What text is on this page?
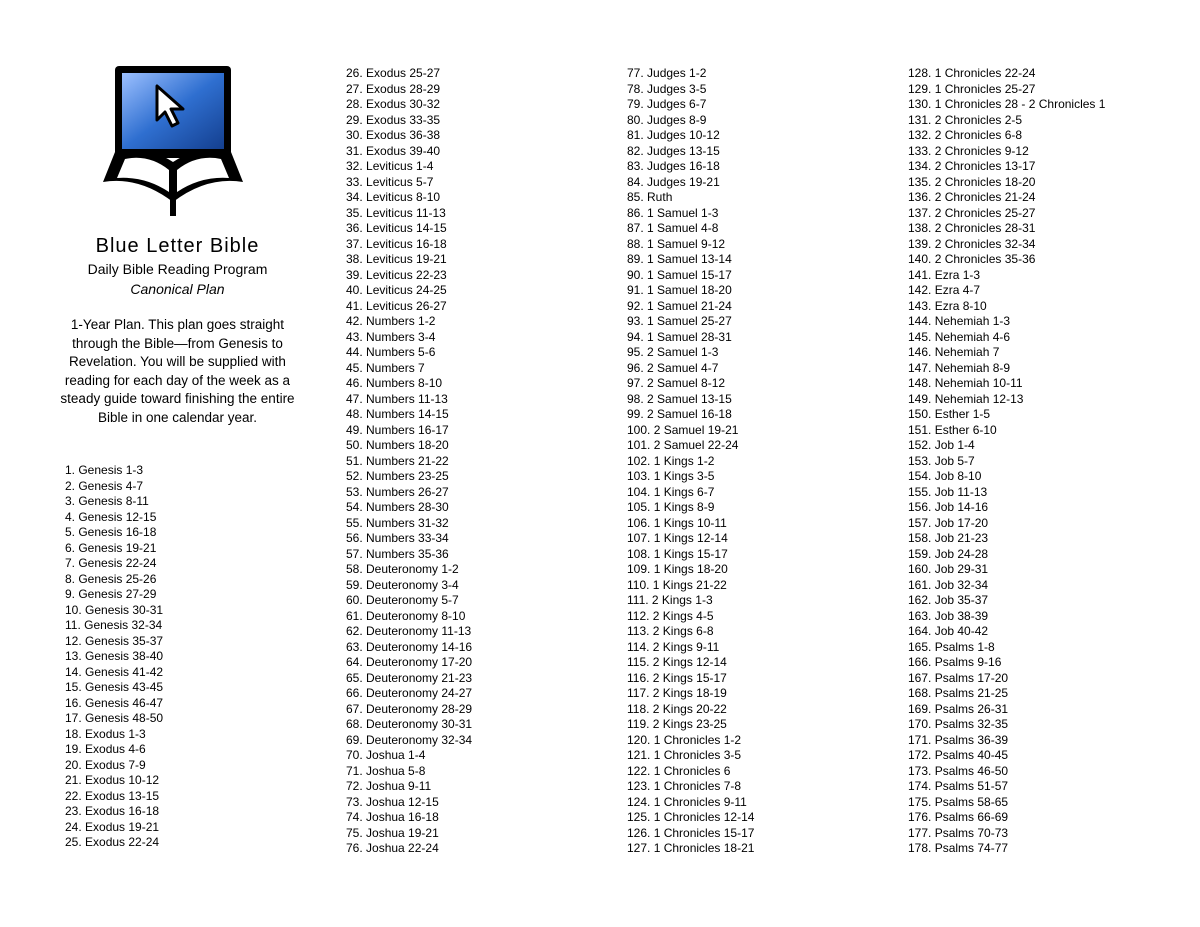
Blue Letter Bible
Daily Bible Reading Program
Canonical Plan
1-Year Plan. This plan goes straight through the Bible—from Genesis to Revelation. You will be supplied with reading for each day of the week as a steady guide toward finishing the entire Bible in one calendar year.
1. Genesis 1-3
2. Genesis 4-7
3. Genesis 8-11
4. Genesis 12-15
5. Genesis 16-18
6. Genesis 19-21
7. Genesis 22-24
8. Genesis 25-26
9. Genesis 27-29
10. Genesis 30-31
11. Genesis 32-34
12. Genesis 35-37
13. Genesis 38-40
14. Genesis 41-42
15. Genesis 43-45
16. Genesis 46-47
17. Genesis 48-50
18. Exodus 1-3
19. Exodus 4-6
20. Exodus 7-9
21. Exodus 10-12
22. Exodus 13-15
23. Exodus 16-18
24. Exodus 19-21
25. Exodus 22-24
26. Exodus 25-27
27. Exodus 28-29
28. Exodus 30-32
29. Exodus 33-35
30. Exodus 36-38
31. Exodus 39-40
32. Leviticus 1-4
33. Leviticus 5-7
34. Leviticus 8-10
35. Leviticus 11-13
36. Leviticus 14-15
37. Leviticus 16-18
38. Leviticus 19-21
39. Leviticus 22-23
40. Leviticus 24-25
41. Leviticus 26-27
42. Numbers 1-2
43. Numbers 3-4
44. Numbers 5-6
45. Numbers 7
46. Numbers 8-10
47. Numbers 11-13
48. Numbers 14-15
49. Numbers 16-17
50. Numbers 18-20
51. Numbers 21-22
52. Numbers 23-25
53. Numbers 26-27
54. Numbers 28-30
55. Numbers 31-32
56. Numbers 33-34
57. Numbers 35-36
58. Deuteronomy 1-2
59. Deuteronomy 3-4
60. Deuteronomy 5-7
61. Deuteronomy 8-10
62. Deuteronomy 11-13
63. Deuteronomy 14-16
64. Deuteronomy 17-20
65. Deuteronomy 21-23
66. Deuteronomy 24-27
67. Deuteronomy 28-29
68. Deuteronomy 30-31
69. Deuteronomy 32-34
70. Joshua 1-4
71. Joshua 5-8
72. Joshua 9-11
73. Joshua 12-15
74. Joshua 16-18
75. Joshua 19-21
76. Joshua 22-24
77. Judges 1-2
78. Judges 3-5
79. Judges 6-7
80. Judges 8-9
81. Judges 10-12
82. Judges 13-15
83. Judges 16-18
84. Judges 19-21
85. Ruth
86. 1 Samuel 1-3
87. 1 Samuel 4-8
88. 1 Samuel 9-12
89. 1 Samuel 13-14
90. 1 Samuel 15-17
91. 1 Samuel 18-20
92. 1 Samuel 21-24
93. 1 Samuel 25-27
94. 1 Samuel 28-31
95. 2 Samuel 1-3
96. 2 Samuel 4-7
97. 2 Samuel 8-12
98. 2 Samuel 13-15
99. 2 Samuel 16-18
100. 2 Samuel 19-21
101. 2 Samuel 22-24
102. 1 Kings 1-2
103. 1 Kings 3-5
104. 1 Kings 6-7
105. 1 Kings 8-9
106. 1 Kings 10-11
107. 1 Kings 12-14
108. 1 Kings 15-17
109. 1 Kings 18-20
110. 1 Kings 21-22
111. 2 Kings 1-3
112. 2 Kings 4-5
113. 2 Kings 6-8
114. 2 Kings 9-11
115. 2 Kings 12-14
116. 2 Kings 15-17
117. 2 Kings 18-19
118. 2 Kings 20-22
119. 2 Kings 23-25
120. 1 Chronicles 1-2
121. 1 Chronicles 3-5
122. 1 Chronicles 6
123. 1 Chronicles 7-8
124. 1 Chronicles 9-11
125. 1 Chronicles 12-14
126. 1 Chronicles 15-17
127. 1 Chronicles 18-21
128. 1 Chronicles 22-24
129. 1 Chronicles 25-27
130. 1 Chronicles 28 - 2 Chronicles 1
131. 2 Chronicles 2-5
132. 2 Chronicles 6-8
133. 2 Chronicles 9-12
134. 2 Chronicles 13-17
135. 2 Chronicles 18-20
136. 2 Chronicles 21-24
137. 2 Chronicles 25-27
138. 2 Chronicles 28-31
139. 2 Chronicles 32-34
140. 2 Chronicles 35-36
141. Ezra 1-3
142. Ezra 4-7
143. Ezra 8-10
144. Nehemiah 1-3
145. Nehemiah 4-6
146. Nehemiah 7
147. Nehemiah 8-9
148. Nehemiah 10-11
149. Nehemiah 12-13
150. Esther 1-5
151. Esther 6-10
152. Job 1-4
153. Job 5-7
154. Job 8-10
155. Job 11-13
156. Job 14-16
157. Job 17-20
158. Job 21-23
159. Job 24-28
160. Job 29-31
161. Job 32-34
162. Job 35-37
163. Job 38-39
164. Job 40-42
165. Psalms 1-8
166. Psalms 9-16
167. Psalms 17-20
168. Psalms 21-25
169. Psalms 26-31
170. Psalms 32-35
171. Psalms 36-39
172. Psalms 40-45
173. Psalms 46-50
174. Psalms 51-57
175. Psalms 58-65
176. Psalms 66-69
177. Psalms 70-73
178. Psalms 74-77
